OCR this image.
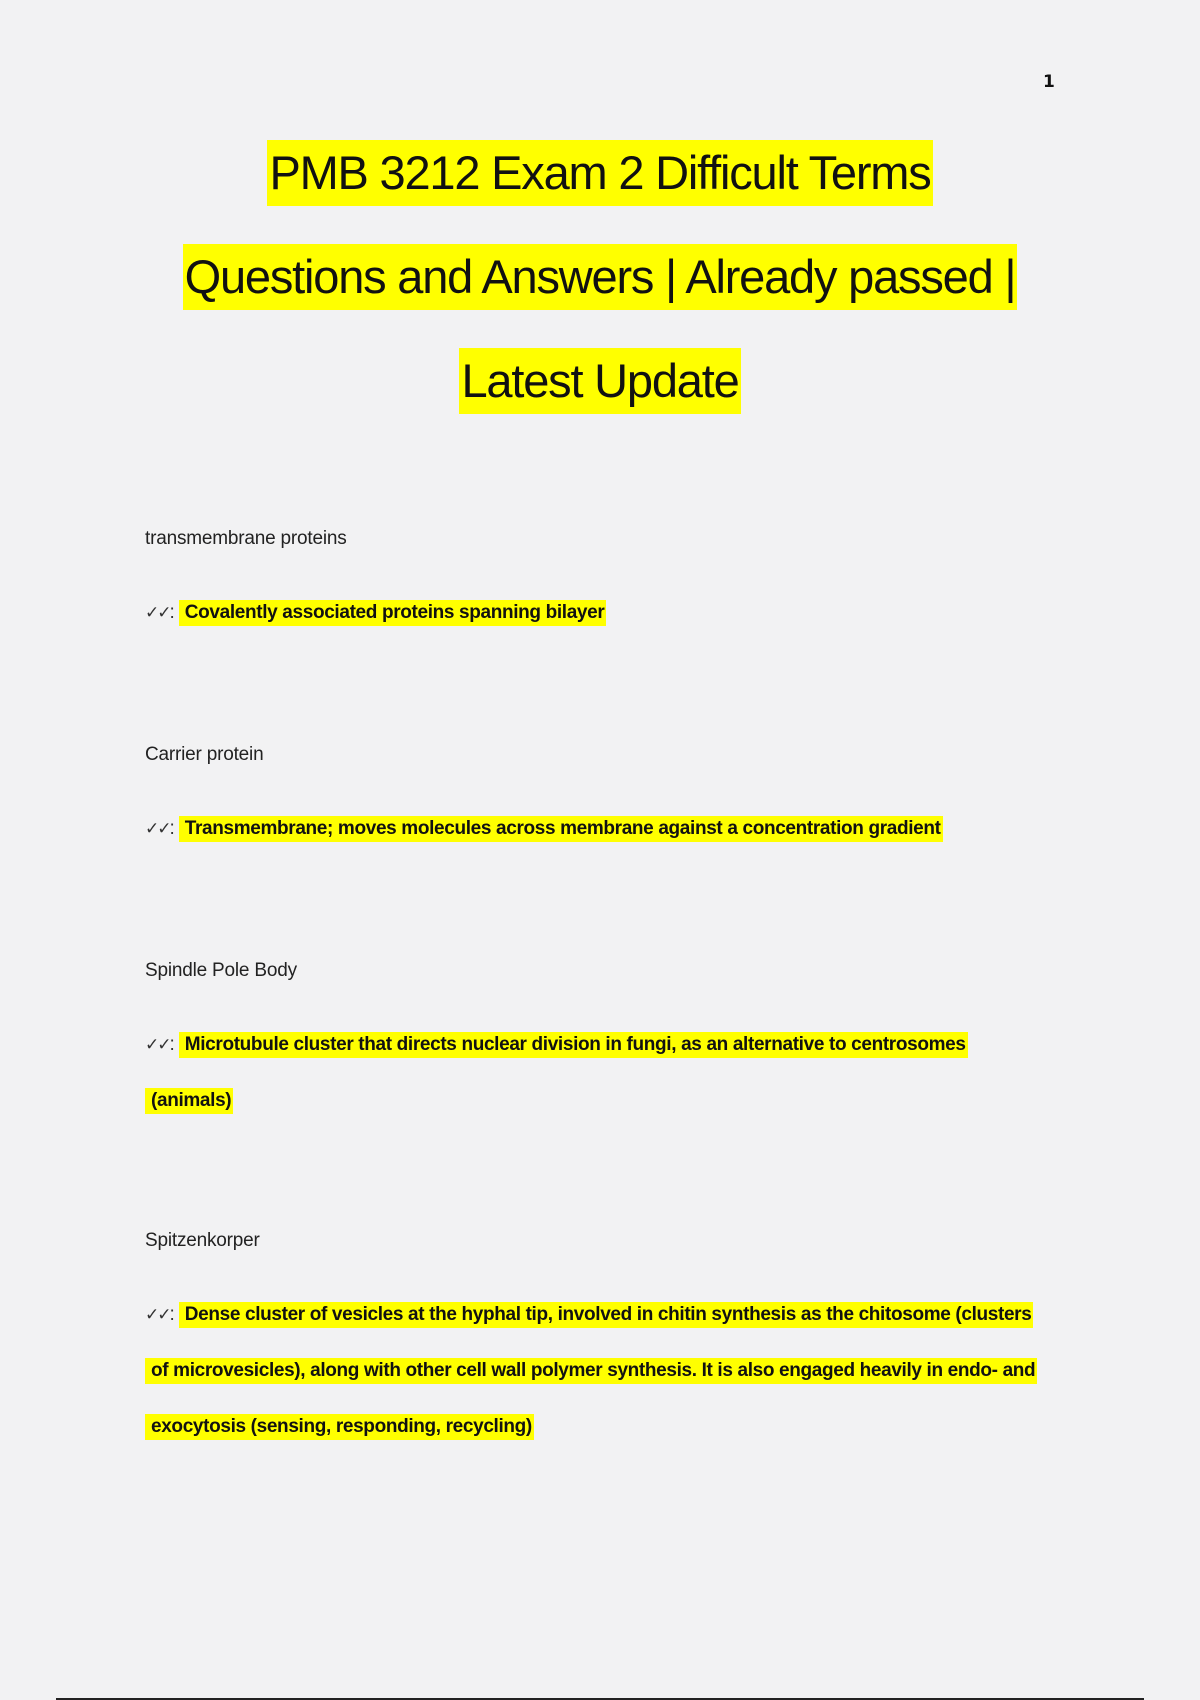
1
PMB 3212 Exam 2 Difficult Terms
Questions and Answers | Already passed |
Latest Update
transmembrane proteins
✓✓: Covalently associated proteins spanning bilayer
Carrier protein
✓✓: Transmembrane; moves molecules across membrane against a concentration gradient
Spindle Pole Body
✓✓: Microtubule cluster that directs nuclear division in fungi, as an alternative to centrosomes (animals)
Spitzenkorper
✓✓: Dense cluster of vesicles at the hyphal tip, involved in chitin synthesis as the chitosome (clusters of microvesicles), along with other cell wall polymer synthesis. It is also engaged heavily in endo- and exocytosis (sensing, responding, recycling)
